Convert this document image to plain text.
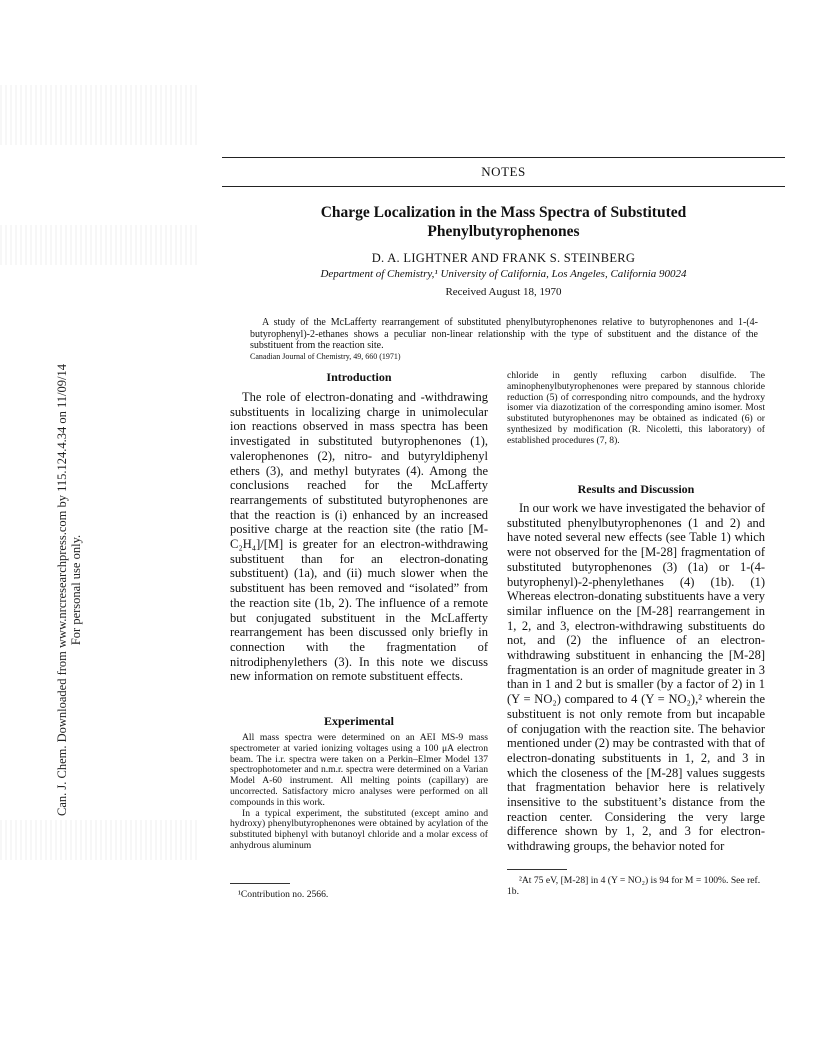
Can. J. Chem. Downloaded from www.nrcresearchpress.com by 115.124.4.34 on 11/09/14 For personal use only.
NOTES
Charge Localization in the Mass Spectra of Substituted
Phenylbutyrophenones
D. A. LIGHTNER AND FRANK S. STEINBERG
Department of Chemistry,¹ University of California, Los Angeles, California 90024
Received August 18, 1970
A study of the McLafferty rearrangement of substituted phenylbutyrophenones relative to butyrophenones and 1-(4-butyrophenyl)-2-ethanes shows a peculiar non-linear relationship with the type of substituent and the distance of the substituent from the reaction site.
Canadian Journal of Chemistry, 49, 660 (1971)
Introduction

The role of electron-donating and -withdrawing substituents in localizing charge in unimolecular ion reactions observed in mass spectra has been investigated in substituted butyrophenones (1), valerophenones (2), nitro- and butyryldiphenyl ethers (3), and methyl butyrates (4). Among the conclusions reached for the McLafferty rearrangements of substituted butyrophenones are that the reaction is (i) enhanced by an increased positive charge at the reaction site (the ratio [M-C₂H₄]/[M] is greater for an electron-withdrawing substituent than for an electron-donating substituent) (1a), and (ii) much slower when the substituent has been removed and “isolated” from the reaction site (1b, 2). The influence of a remote but conjugated substituent in the McLafferty rearrangement has been discussed only briefly in connection with the fragmentation of nitrodiphenylethers (3). In this note we discuss new information on remote substituent effects.

Experimental

All mass spectra were determined on an AEI MS-9 mass spectrometer at varied ionizing voltages using a 100 μA electron beam. The i.r. spectra were taken on a Perkin–Elmer Model 137 spectrophotometer and n.m.r. spectra were determined on a Varian Model A-60 instrument. All melting points (capillary) are uncorrected. Satisfactory micro analyses were performed on all compounds in this work.

In a typical experiment, the substituted (except amino and hydroxy) phenylbutyrophenones were obtained by acylation of the substituted biphenyl with butanoyl chloride and a molar excess of anhydrous aluminum

¹Contribution no. 2566.

chloride in gently refluxing carbon disulfide. The aminophenylbutyrophenones were prepared by stannous chloride reduction (5) of corresponding nitro compounds, and the hydroxy isomer via diazotization of the corresponding amino isomer. Most substituted butyrophenones may be obtained as indicated (6) or synthesized by modification (R. Nicoletti, this laboratory) of established procedures (7, 8).

Results and Discussion

In our work we have investigated the behavior of substituted phenylbutyrophenones (1 and 2) and have noted several new effects (see Table 1) which were not observed for the [M-28] fragmentation of substituted butyrophenones (3) (1a) or 1-(4-butyrophenyl)-2-phenylethanes (4) (1b). (1) Whereas electron-donating substituents have a very similar influence on the [M-28] rearrangement in 1, 2, and 3, electron-withdrawing substituents do not, and (2) the influence of an electron-withdrawing substituent in enhancing the [M-28] fragmentation is an order of magnitude greater in 3 than in 1 and 2 but is smaller (by a factor of 2) in 1 (Y = NO₂) compared to 4 (Y = NO₂),² wherein the substituent is not only remote from but incapable of conjugation with the reaction site. The behavior mentioned under (2) may be contrasted with that of electron-donating substituents in 1, 2, and 3 in which the closeness of the [M-28] values suggests that fragmentation behavior here is relatively insensitive to the substituent’s distance from the reaction center. Considering the very large difference shown by 1, 2, and 3 for electron-withdrawing groups, the behavior noted for

²At 75 eV, [M-28] in 4 (Y = NO₂) is 94 for M = 100%. See ref. 1b.
